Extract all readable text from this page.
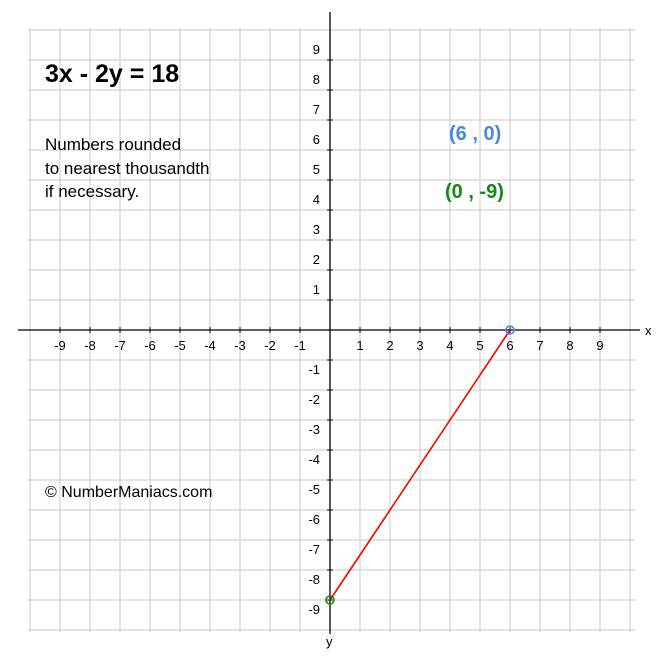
x
y
-9 -8 -7 -6 -5 -4 -3 -2 -1	1 2 3 4 5 6 7 8 9
9
8
7
6
5
4
3
2
1
-1
-2
-3
-4
-5
-6
-7
-8
-9
3x - 2y = 18
Numbers rounded
to nearest thousandth
if necessary.
(6 , 0)
(0 , -9)
© NumberManiacs.com
